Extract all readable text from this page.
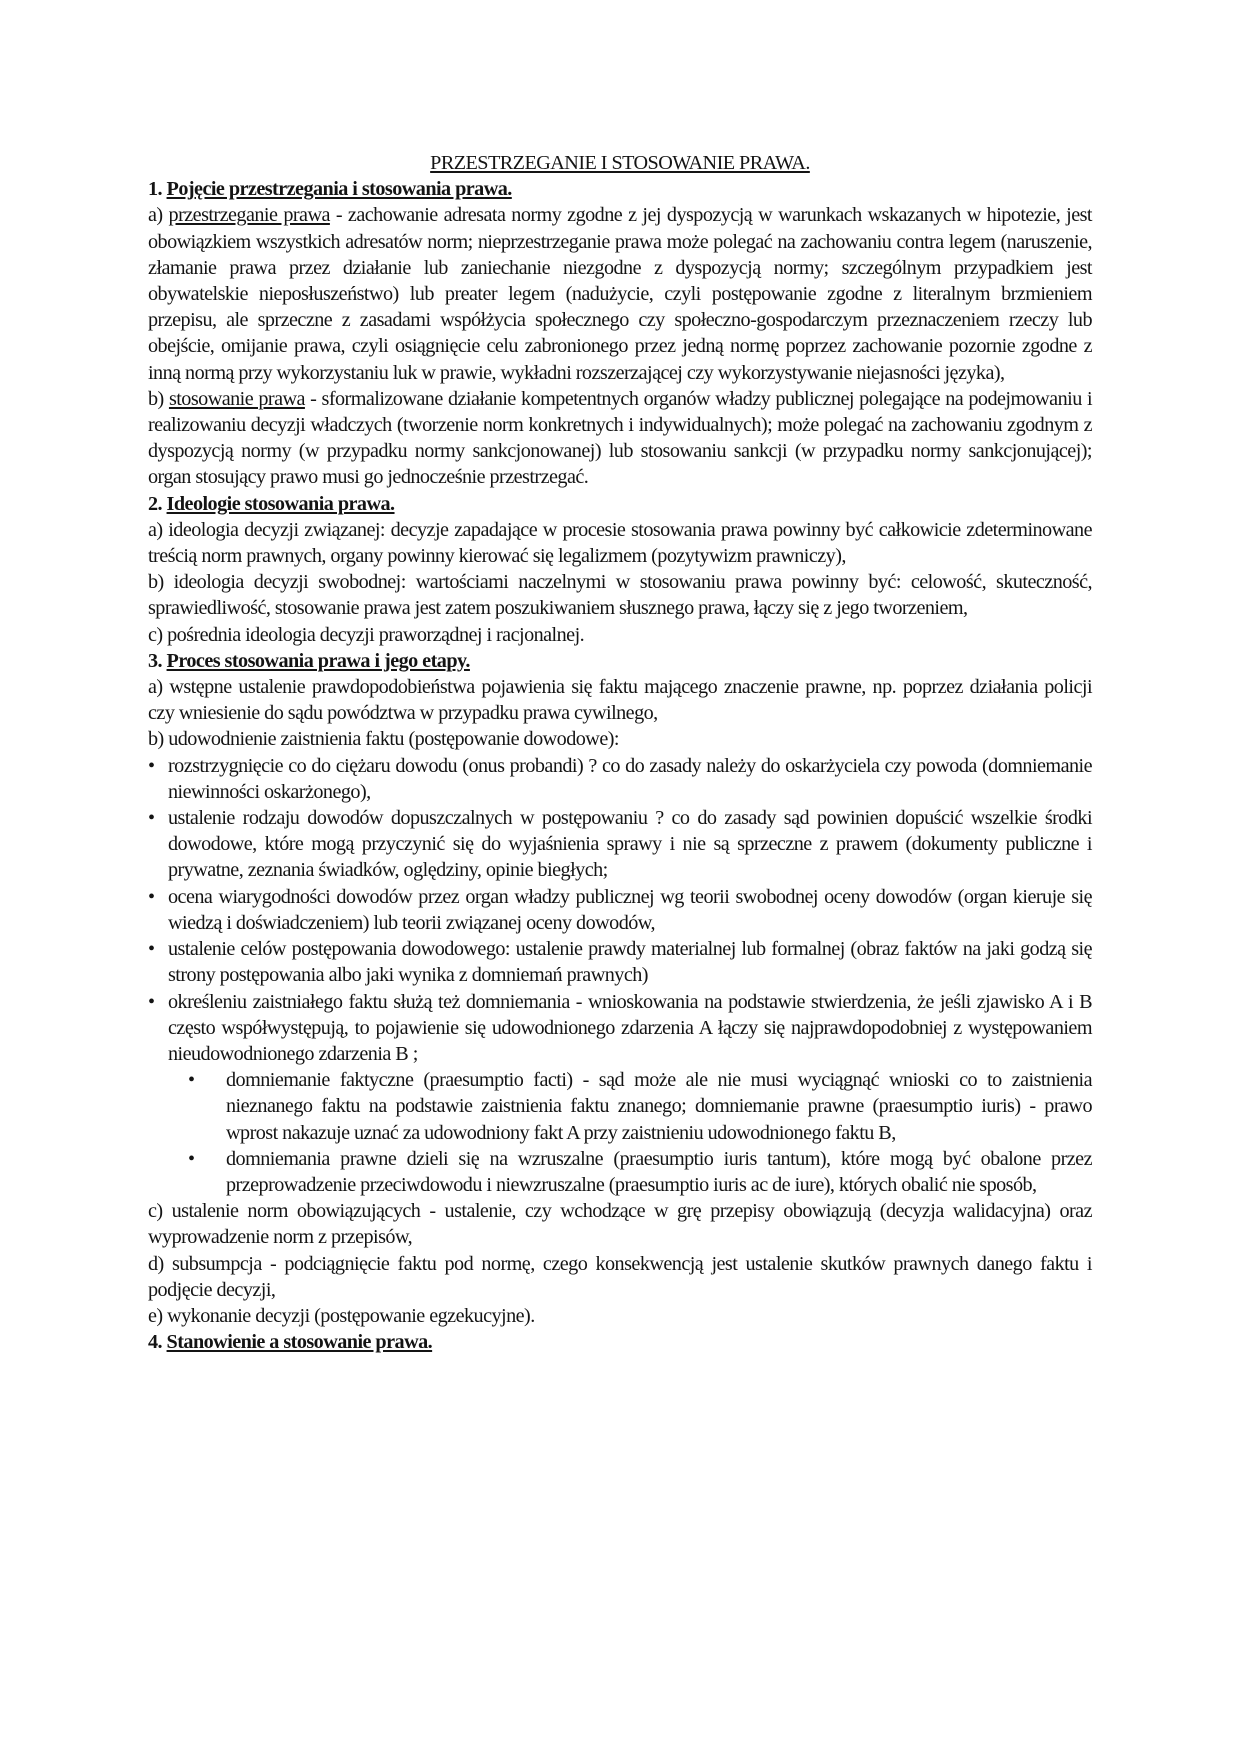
PRZESTRZEGANIE I STOSOWANIE PRAWA.

1. Pojęcie przestrzegania i stosowania prawa.

a) przestrzeganie prawa - zachowanie adresata normy zgodne z jej dyspozycją w warunkach wskazanych w hipotezie, jest obowiązkiem wszystkich adresatów norm; nieprzestrzeganie prawa może polegać na zachowaniu contra legem (naruszenie, złamanie prawa przez działanie lub zaniechanie niezgodne z dyspozycją normy; szczególnym przypadkiem jest obywatelskie nieposłuszeństwo) lub preater legem (nadużycie, czyli postępowanie zgodne z literalnym brzmieniem przepisu, ale sprzeczne z zasadami współżycia społecznego czy społeczno-gospodarczym przeznaczeniem rzeczy lub obejście, omijanie prawa, czyli osiągnięcie celu zabronionego przez jedną normę poprzez zachowanie pozornie zgodne z inną normą przy wykorzystaniu luk w prawie, wykładni rozszerzającej czy wykorzystywanie niejasności języka),

b) stosowanie prawa - sformalizowane działanie kompetentnych organów władzy publicznej polegające na podejmowaniu i realizowaniu decyzji władczych (tworzenie norm konkretnych i indywidualnych); może polegać na zachowaniu zgodnym z dyspozycją normy (w przypadku normy sankcjonowanej) lub stosowaniu sankcji (w przypadku normy sankcjonującej); organ stosujący prawo musi go jednocześnie przestrzegać.

2. Ideologie stosowania prawa.

a) ideologia decyzji związanej: decyzje zapadające w procesie stosowania prawa powinny być całkowicie zdeterminowane treścią norm prawnych, organy powinny kierować się legalizmem (pozytywizm prawniczy),

b) ideologia decyzji swobodnej: wartościami naczelnymi w stosowaniu prawa powinny być: celowość, skuteczność, sprawiedliwość, stosowanie prawa jest zatem poszukiwaniem słusznego prawa, łączy się z jego tworzeniem,

c) pośrednia ideologia decyzji praworządnej i racjonalnej.

3. Proces stosowania prawa i jego etapy.

a) wstępne ustalenie prawdopodobieństwa pojawienia się faktu mającego znaczenie prawne, np. poprzez działania policji czy wniesienie do sądu powództwa w przypadku prawa cywilnego,

b) udowodnienie zaistnienia faktu (postępowanie dowodowe):

• rozstrzygnięcie co do ciężaru dowodu (onus probandi) ? co do zasady należy do oskarżyciela czy powoda (domniemanie niewinności oskarżonego),
• ustalenie rodzaju dowodów dopuszczalnych w postępowaniu ? co do zasady sąd powinien dopuścić wszelkie środki dowodowe, które mogą przyczynić się do wyjaśnienia sprawy i nie są sprzeczne z prawem (dokumenty publiczne i prywatne, zeznania świadków, oględziny, opinie biegłych;
• ocena wiarygodności dowodów przez organ władzy publicznej wg teorii swobodnej oceny dowodów (organ kieruje się wiedzą i doświadczeniem) lub teorii związanej oceny dowodów,
• ustalenie celów postępowania dowodowego: ustalenie prawdy materialnej lub formalnej (obraz faktów na jaki godzą się strony postępowania albo jaki wynika z domniemań prawnych)
• określeniu zaistniałego faktu służą też domniemania - wnioskowania na podstawie stwierdzenia, że jeśli zjawisko A i B często współwystępują, to pojawienie się udowodnionego zdarzenia A łączy się najprawdopodobniej z występowaniem nieudowodnionego zdarzenia B ;
• domniemanie faktyczne (praesumptio facti) - sąd może ale nie musi wyciągnąć wnioski co to zaistnienia nieznanego faktu na podstawie zaistnienia faktu znanego; domniemanie prawne (praesumptio iuris) - prawo wprost nakazuje uznać za udowodniony fakt A przy zaistnieniu udowodnionego faktu B,
• domniemania prawne dzieli się na wzruszalne (praesumptio iuris tantum), które mogą być obalone przez przeprowadzenie przeciwdowodu i niewzruszalne (praesumptio iuris ac de iure), których obalić nie sposób,

c) ustalenie norm obowiązujących - ustalenie, czy wchodzące w grę przepisy obowiązują (decyzja walidacyjna) oraz wyprowadzenie norm z przepisów,

d) subsumpcja - podciągnięcie faktu pod normę, czego konsekwencją jest ustalenie skutków prawnych danego faktu i podjęcie decyzji,

e) wykonanie decyzji (postępowanie egzekucyjne).

4. Stanowienie a stosowanie prawa.
